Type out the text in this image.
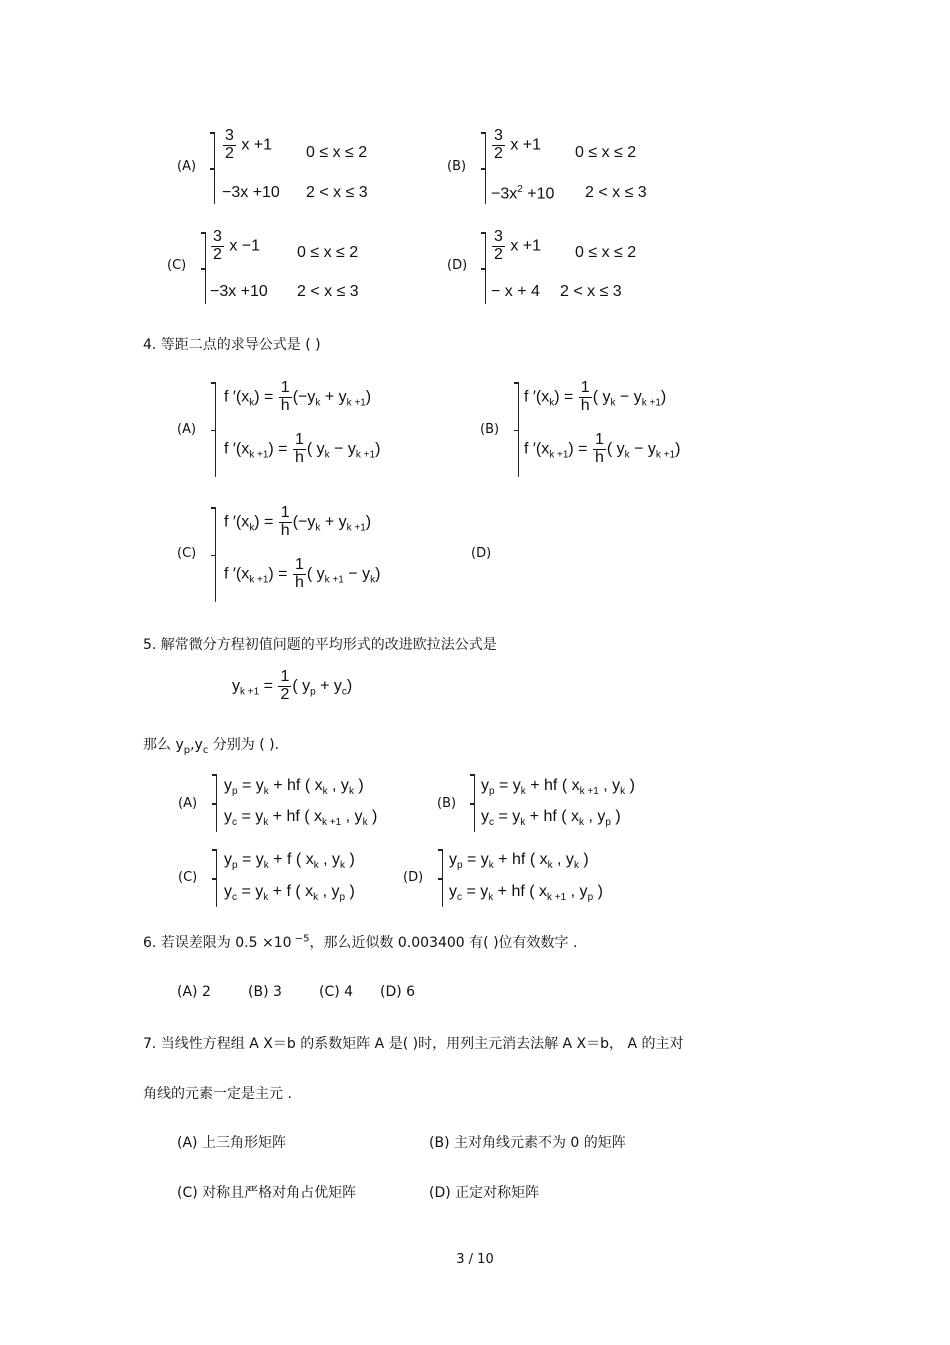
(A)
$\frac{3}{2}$ x +1 0 ≤ x ≤ 2
−3x +10 2 < x ≤ 3
(B)
$\frac{3}{2}$ x +1 0 ≤ x ≤ 2
$-3x^2 +10$ 2 < x ≤ 3
(C)
$\frac{3}{2}$ x −1 0 ≤ x ≤ 2
−3x +10 2 < x ≤ 3
(D)
$\frac{3}{2}$ x +1 0 ≤ x ≤ 2
− x + 4 2 < x ≤ 3
4. 等距二点的求导公式是 ( )
(A)
f $'(x_k) = \frac{1}{h} (-y_k + y_{k +1})$
f $'(x_{k +1}) = \frac{1}{h}$ ( $y_k - y_{k +1}$)
(B)
f $'(x_k) = \frac{1}{h}$ ( $y_k - y_{k +1}$)
f $'(x_{k +1}) = \frac{1}{h}$ ( $y_k - y_{k +1}$)
(C)
f $'(x_k) = \frac{1}{h} (-y_k + y_{k +1})$
f $'(x_{k +1}) = \frac{1}{h}$ ( $y_{k +1} - y_k$)
(D)
5. 解常微分方程初值问题的平均形式的改进欧拉法公式是
$y_{k +1} = \frac{1}{2}$ ( $y_p + y_c$)
那么 $y_p,y_c$ 分别为 ( ).
(A)
$y_p = y_k$ + hf ( $x_k$ , $y_k$ )
$y_c = y_k$ + hf ( $x_{k +1}$ , $y_k$ )
(B)
$y_p = y_k$ + hf ( $x_{k +1}$ , $y_k$ )
$y_c = y_k$ + hf ( $x_k$ , $y_p$ )
(C)
$y_p = y_k + f$ ( $x_k$ , $y_k$ )
$y_c = y_k + f$ ( $x_k$ , $y_p$ )
(D)
$y_p = y_k$ + hf ( $x_k$ , $y_k$ )
$y_c = y_k$ + hf ( $x_{k +1}$ , $y_p$ )
6. 若误差限为 0.5 ×10 $^{-5}$，那么近似数 0.003400 有( )位有效数字 .
(A) 2	(B) 3	(C) 4 (D) 6
7. 当线性方程组 A X＝b 的系数矩阵 A 是( )时，用列主元消去法解 A X＝b， A 的主对
角线的元素一定是主元 .
(A) 上三角形矩阵	(B) 主对角线元素不为 0 的矩阵
(C) 对称且严格对角占优矩阵	(D) 正定对称矩阵
3 / 10
